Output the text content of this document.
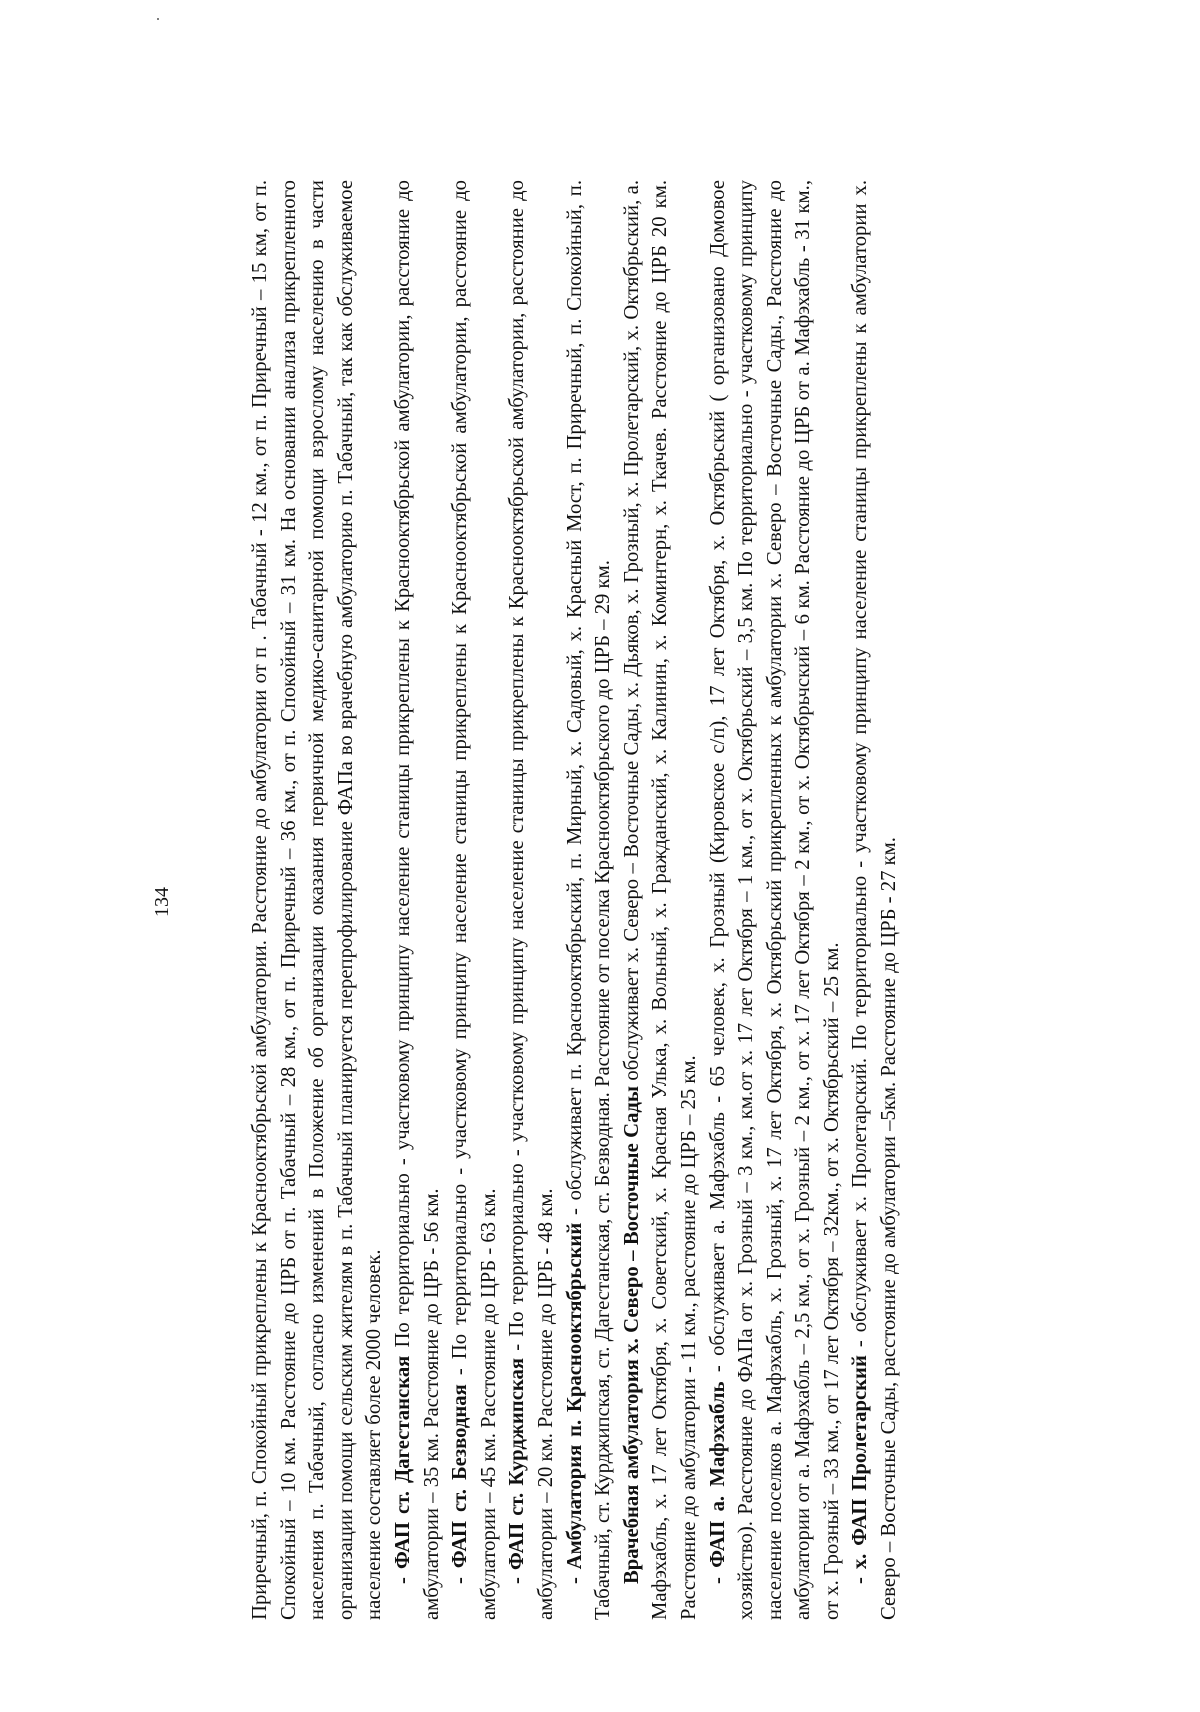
134	Приречный, п. Спокойный прикреплены к Краснооктябрьской амбулатории. Расстояние до амбулатории от п . Табачный - 12 км., от п. Приречный – 15 км, от п. Спокойный – 10 км. Расстояние до ЦРБ от п. Табачный – 28 км., от п. Приречный – 36 км., от п. Спокойный – 31 км. На основании анализа прикрепленного населения п. Табачный, согласно изменений в Положение об организации оказания первичной медико-санитарной помощи взрослому населению в части организации помощи сельским жителям в п. Табачный планируется перепрофилирование ФАПа во врачебную амбулаторию п. Табачный, так как обслуживаемое население составляет более 2000 человек. - ФАП ст. Дагестанская По территориально - участковому принципу население станицы прикреплены к Краснооктябрьской амбулатории, расстояние до амбулатории – 35 км. Расстояние до ЦРБ - 56 км. - ФАП ст. Безводная - По территориально - участковому принципу население станицы прикреплены к Краснооктябрьской амбулатории, расстояние до амбулатории – 45 км. Расстояние до ЦРБ - 63 км. - ФАП ст. Курджипская - По территориально - участковому принципу население станицы прикреплены к Краснооктябрьской амбулатории, расстояние до амбулатории – 20 км. Расстояние до ЦРБ - 48 км. - Амбулатория п. Краснооктябрьский - обслуживает п. Краснооктябрьский, п. Мирный, х. Садовый, х. Красный Мост, п. Приречный, п. Спокойный, п. Табачный, ст. Курджипская, ст. Дагестанская, ст. Безводная. Расстояние от поселка Краснооктябрьского до ЦРБ – 29 км. Врачебная амбулатория х. Северо – Восточные Сады обслуживает х. Северо – Восточные Сады, х. Дьяков, х. Грозный, х. Пролетарский, х. Октябрьский, а. Мафэхабль, х. 17 лет Октября, х. Советский, х. Красная Улька, х. Вольный, х. Гражданский, х. Калинин, х. Коминтерн, х. Ткачев. Расстояние до ЦРБ 20 км. Расстояние до амбулатории - 11 км., расстояние до ЦРБ – 25 км. - ФАП а. Мафэхабль - обслуживает а. Мафэхабль - 65 человек, х. Грозный (Кировское с/п), 17 лет Октября, х. Октябрьский ( организовано Домовое хозяйство). Расстояние до ФАПа от х. Грозный – 3 км., км.от х. 17 лет Октября – 1 км., от х. Октябрьский – 3,5 км. По территориально - участковому принципу население поселков а. Мафэхабль, х. Грозный, х. 17 лет Октября, х. Октябрьский прикрепленных к амбулатории х. Северо – Восточные Сады., Расстояние до амбулатории от а. Мафэхабль – 2,5 км., от х. Грозный – 2 км., от х. 17 лет Октября – 2 км., от х. Октябрьчский – 6 км. Расстояние до ЦРБ от а. Мафэхабль - 31 км., от х. Грозный – 33 км., от 17 лет Октября – 32км., от х. Октябрьский – 25 км. - х. ФАП Пролетарский - обслуживает х. Пролетарский. По территориально - участковому принципу население станицы прикреплены к амбулатории х. Северо – Восточные Сады, расстояние до амбулатории –5км. Расстояние до ЦРБ - 27 км.
